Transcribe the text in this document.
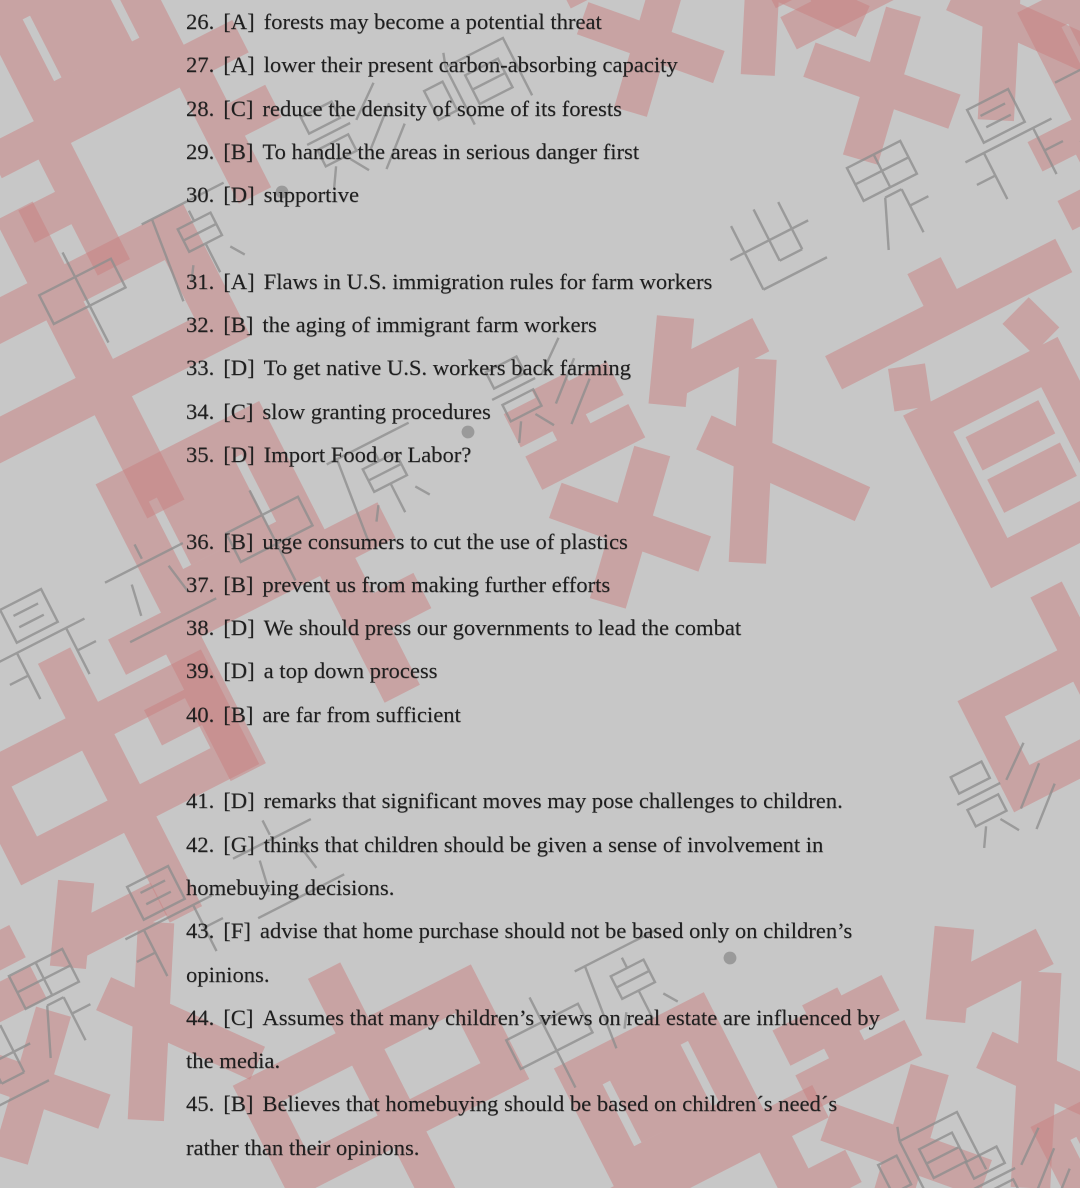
26. [A] forests may become a potential threat
27. [A] lower their present carbon-absorbing capacity
28. [C] reduce the density of some of its forests
29. [B] To handle the areas in serious danger first
30. [D] supportive
31. [A] Flaws in U.S. immigration rules for farm workers
32. [B] the aging of immigrant farm workers
33. [D] To get native U.S. workers back farming
34. [C] slow granting procedures
35. [D] Import Food or Labor?
36. [B] urge consumers to cut the use of plastics
37. [B] prevent us from making further efforts
38. [D] We should press our governments to lead the combat
39. [D] a top down process
40. [B] are far from sufficient
41. [D] remarks that significant moves may pose challenges to children.
42. [G] thinks that children should be given a sense of involvement in
homebuying decisions.
43. [F] advise that home purchase should not be based only on children’s
opinions.
44. [C] Assumes that many children’s views on real estate are influenced by
the media.
45. [B] Believes that homebuying should be based on children´s need´s
rather than their opinions.
